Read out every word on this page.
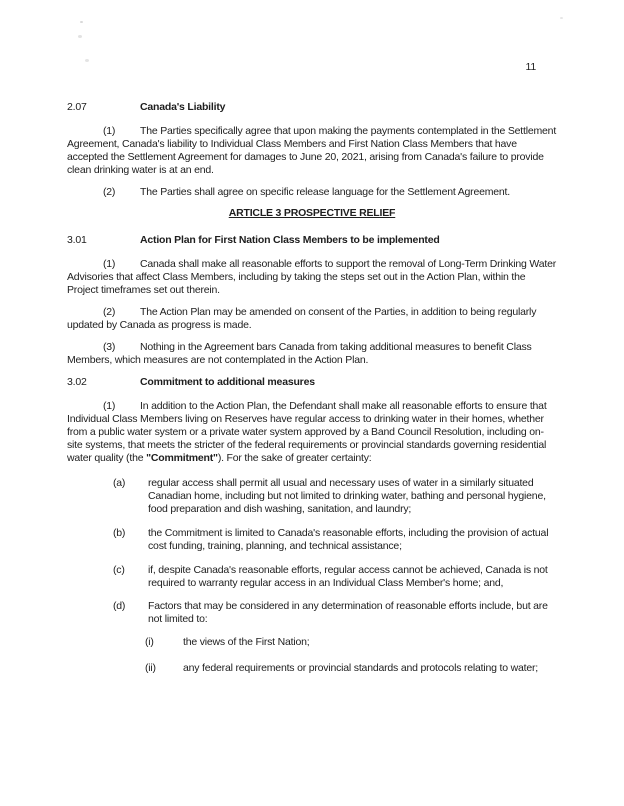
11
2.07	Canada's Liability
(1) The Parties specifically agree that upon making the payments contemplated in the Settlement Agreement, Canada's liability to Individual Class Members and First Nation Class Members that have accepted the Settlement Agreement for damages to June 20, 2021, arising from Canada's failure to provide clean drinking water is at an end.
(2) The Parties shall agree on specific release language for the Settlement Agreement.
ARTICLE 3 PROSPECTIVE RELIEF
3.01	Action Plan for First Nation Class Members to be implemented
(1) Canada shall make all reasonable efforts to support the removal of Long-Term Drinking Water Advisories that affect Class Members, including by taking the steps set out in the Action Plan, within the Project timeframes set out therein.
(2) The Action Plan may be amended on consent of the Parties, in addition to being regularly updated by Canada as progress is made.
(3) Nothing in the Agreement bars Canada from taking additional measures to benefit Class Members, which measures are not contemplated in the Action Plan.
3.02	Commitment to additional measures
(1) In addition to the Action Plan, the Defendant shall make all reasonable efforts to ensure that Individual Class Members living on Reserves have regular access to drinking water in their homes, whether from a public water system or a private water system approved by a Band Council Resolution, including on-site systems, that meets the stricter of the federal requirements or provincial standards governing residential water quality (the "Commitment"). For the sake of greater certainty:
(a) regular access shall permit all usual and necessary uses of water in a similarly situated Canadian home, including but not limited to drinking water, bathing and personal hygiene, food preparation and dish washing, sanitation, and laundry;
(b) the Commitment is limited to Canada's reasonable efforts, including the provision of actual cost funding, training, planning, and technical assistance;
(c) if, despite Canada's reasonable efforts, regular access cannot be achieved, Canada is not required to warranty regular access in an Individual Class Member's home; and,
(d) Factors that may be considered in any determination of reasonable efforts include, but are not limited to:
(i)	the views of the First Nation;
(ii)	any federal requirements or provincial standards and protocols relating to water;
